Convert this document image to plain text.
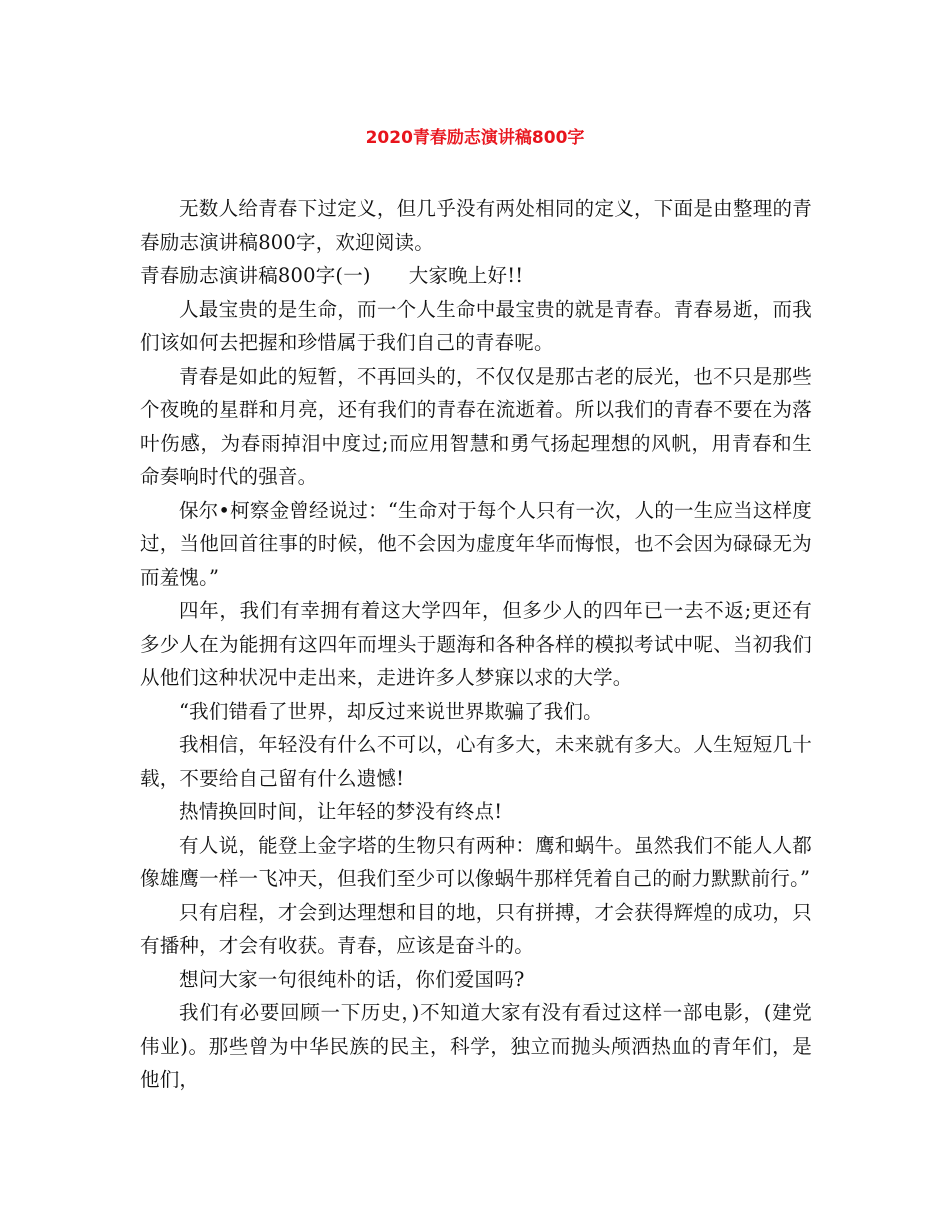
2020青春励志演讲稿800字

无数人给青春下过定义，但几乎没有两处相同的定义，下面是由整理的青春励志演讲稿800字，欢迎阅读。

青春励志演讲稿800字(一) 大家晚上好!!

人最宝贵的是生命，而一个人生命中最宝贵的就是青春。青春易逝，而我们该如何去把握和珍惜属于我们自己的青春呢。

青春是如此的短暂，不再回头的，不仅仅是那古老的辰光，也不只是那些个夜晚的星群和月亮，还有我们的青春在流逝着。所以我们的青春不要在为落叶伤感，为春雨掉泪中度过;而应用智慧和勇气扬起理想的风帆，用青春和生命奏响时代的强音。

保尔•柯察金曾经说过：“生命对于每个人只有一次，人的一生应当这样度过，当他回首往事的时候，他不会因为虚度年华而悔恨，也不会因为碌碌无为而羞愧。”

四年，我们有幸拥有着这大学四年，但多少人的四年已一去不返;更还有多少人在为能拥有这四年而埋头于题海和各种各样的模拟考试中呢、当初我们从他们这种状况中走出来，走进许多人梦寐以求的大学。

“我们错看了世界，却反过来说世界欺骗了我们。

我相信，年轻没有什么不可以，心有多大，未来就有多大。人生短短几十载，不要给自己留有什么遗憾!

热情换回时间，让年轻的梦没有终点!

有人说，能登上金字塔的生物只有两种：鹰和蜗牛。虽然我们不能人人都像雄鹰一样一飞冲天，但我们至少可以像蜗牛那样凭着自己的耐力默默前行。”

只有启程，才会到达理想和目的地，只有拼搏，才会获得辉煌的成功，只有播种，才会有收获。青春，应该是奋斗的。

想问大家一句很纯朴的话，你们爱国吗?

我们有必要回顾一下历史，)不知道大家有没有看过这样一部电影，(建党伟业)。那些曾为中华民族的民主，科学，独立而抛头颅洒热血的青年们，是他们，
